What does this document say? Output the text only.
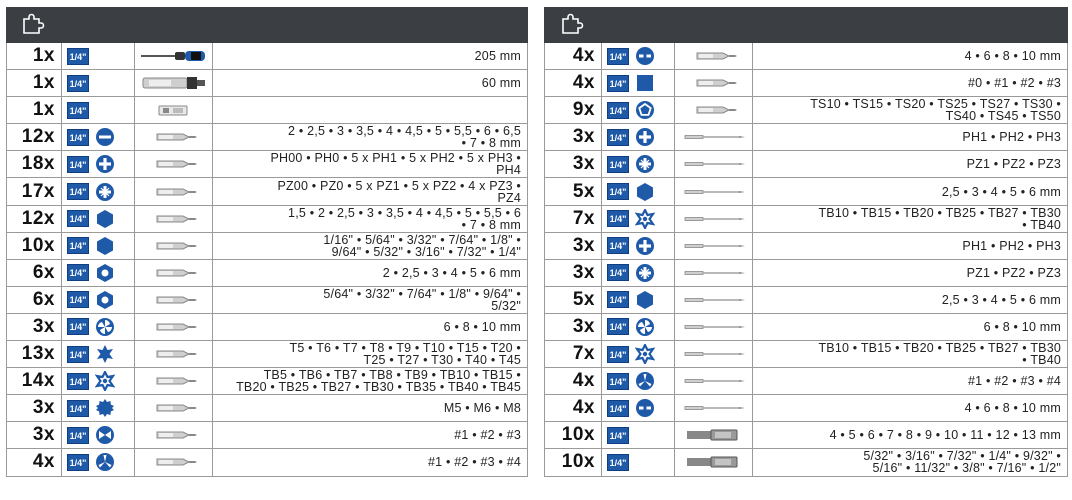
1x	1/4"		205 mm
1x	1/4"		60 mm
1x	1/4"

12x	1/4"		2 • 2,5 • 3 • 3,5 • 4 • 4,5 • 5 • 5,5 • 6 • 6,5
• 7 • 8 mm
18x	1/4"		PH00 • PH0 • 5 x PH1 • 5 x PH2 • 5 x PH3 •
PH4
17x	1/4"		PZ00 • PZ0 • 5 x PZ1 • 5 x PZ2 • 4 x PZ3 •
PZ4
12x	1/4"		1,5 • 2 • 2,5 • 3 • 3,5 • 4 • 4,5 • 5 • 5,5 • 6
• 7 • 8 mm
10x	1/4"		1/16" • 5/64" • 3/32" • 7/64" • 1/8" •
9/64" • 5/32" • 3/16" • 7/32" • 1/4"
6x	1/4"		2 • 2,5 • 3 • 4 • 5 • 6 mm
6x	1/4"		5/64" • 3/32" • 7/64" • 1/8" • 9/64" •
5/32"
3x	1/4"		6 • 8 • 10 mm
13x	1/4"		T5 • T6 • T7 • T8 • T9 • T10 • T15 • T20 •
T25 • T27 • T30 • T40 • T45
14x	1/4"		TB5 • TB6 • TB7 • TB8 • TB9 • TB10 • TB15 •
TB20 • TB25 • TB27 • TB30 • TB35 • TB40 • TB45
3x	1/4"		M5 • M6 • M8
3x	1/4"		#1 • #2 • #3
4x	1/4"		#1 • #2 • #3 • #4

4x	1/4"		4 • 6 • 8 • 10 mm
4x	1/4"		#0 • #1 • #2 • #3
9x	1/4"		TS10 • TS15 • TS20 • TS25 • TS27 • TS30 •
TS40 • TS45 • TS50
3x	1/4"		PH1 • PH2 • PH3
3x	1/4"		PZ1 • PZ2 • PZ3
5x	1/4"		2,5 • 3 • 4 • 5 • 6 mm
7x	1/4"		TB10 • TB15 • TB20 • TB25 • TB27 • TB30
• TB40
3x	1/4"		PH1 • PH2 • PH3
3x	1/4"		PZ1 • PZ2 • PZ3
5x	1/4"		2,5 • 3 • 4 • 5 • 6 mm
3x	1/4"		6 • 8 • 10 mm
7x	1/4"		TB10 • TB15 • TB20 • TB25 • TB27 • TB30
• TB40
4x	1/4"		#1 • #2 • #3 • #4
4x	1/4"		4 • 6 • 8 • 10 mm
10x	1/4"		4 • 5 • 6 • 7 • 8 • 9 • 10 • 11 • 12 • 13 mm
10x	1/4"		5/32" • 3/16" • 7/32" • 1/4" • 9/32" •
5/16" • 11/32" • 3/8" • 7/16" • 1/2"
